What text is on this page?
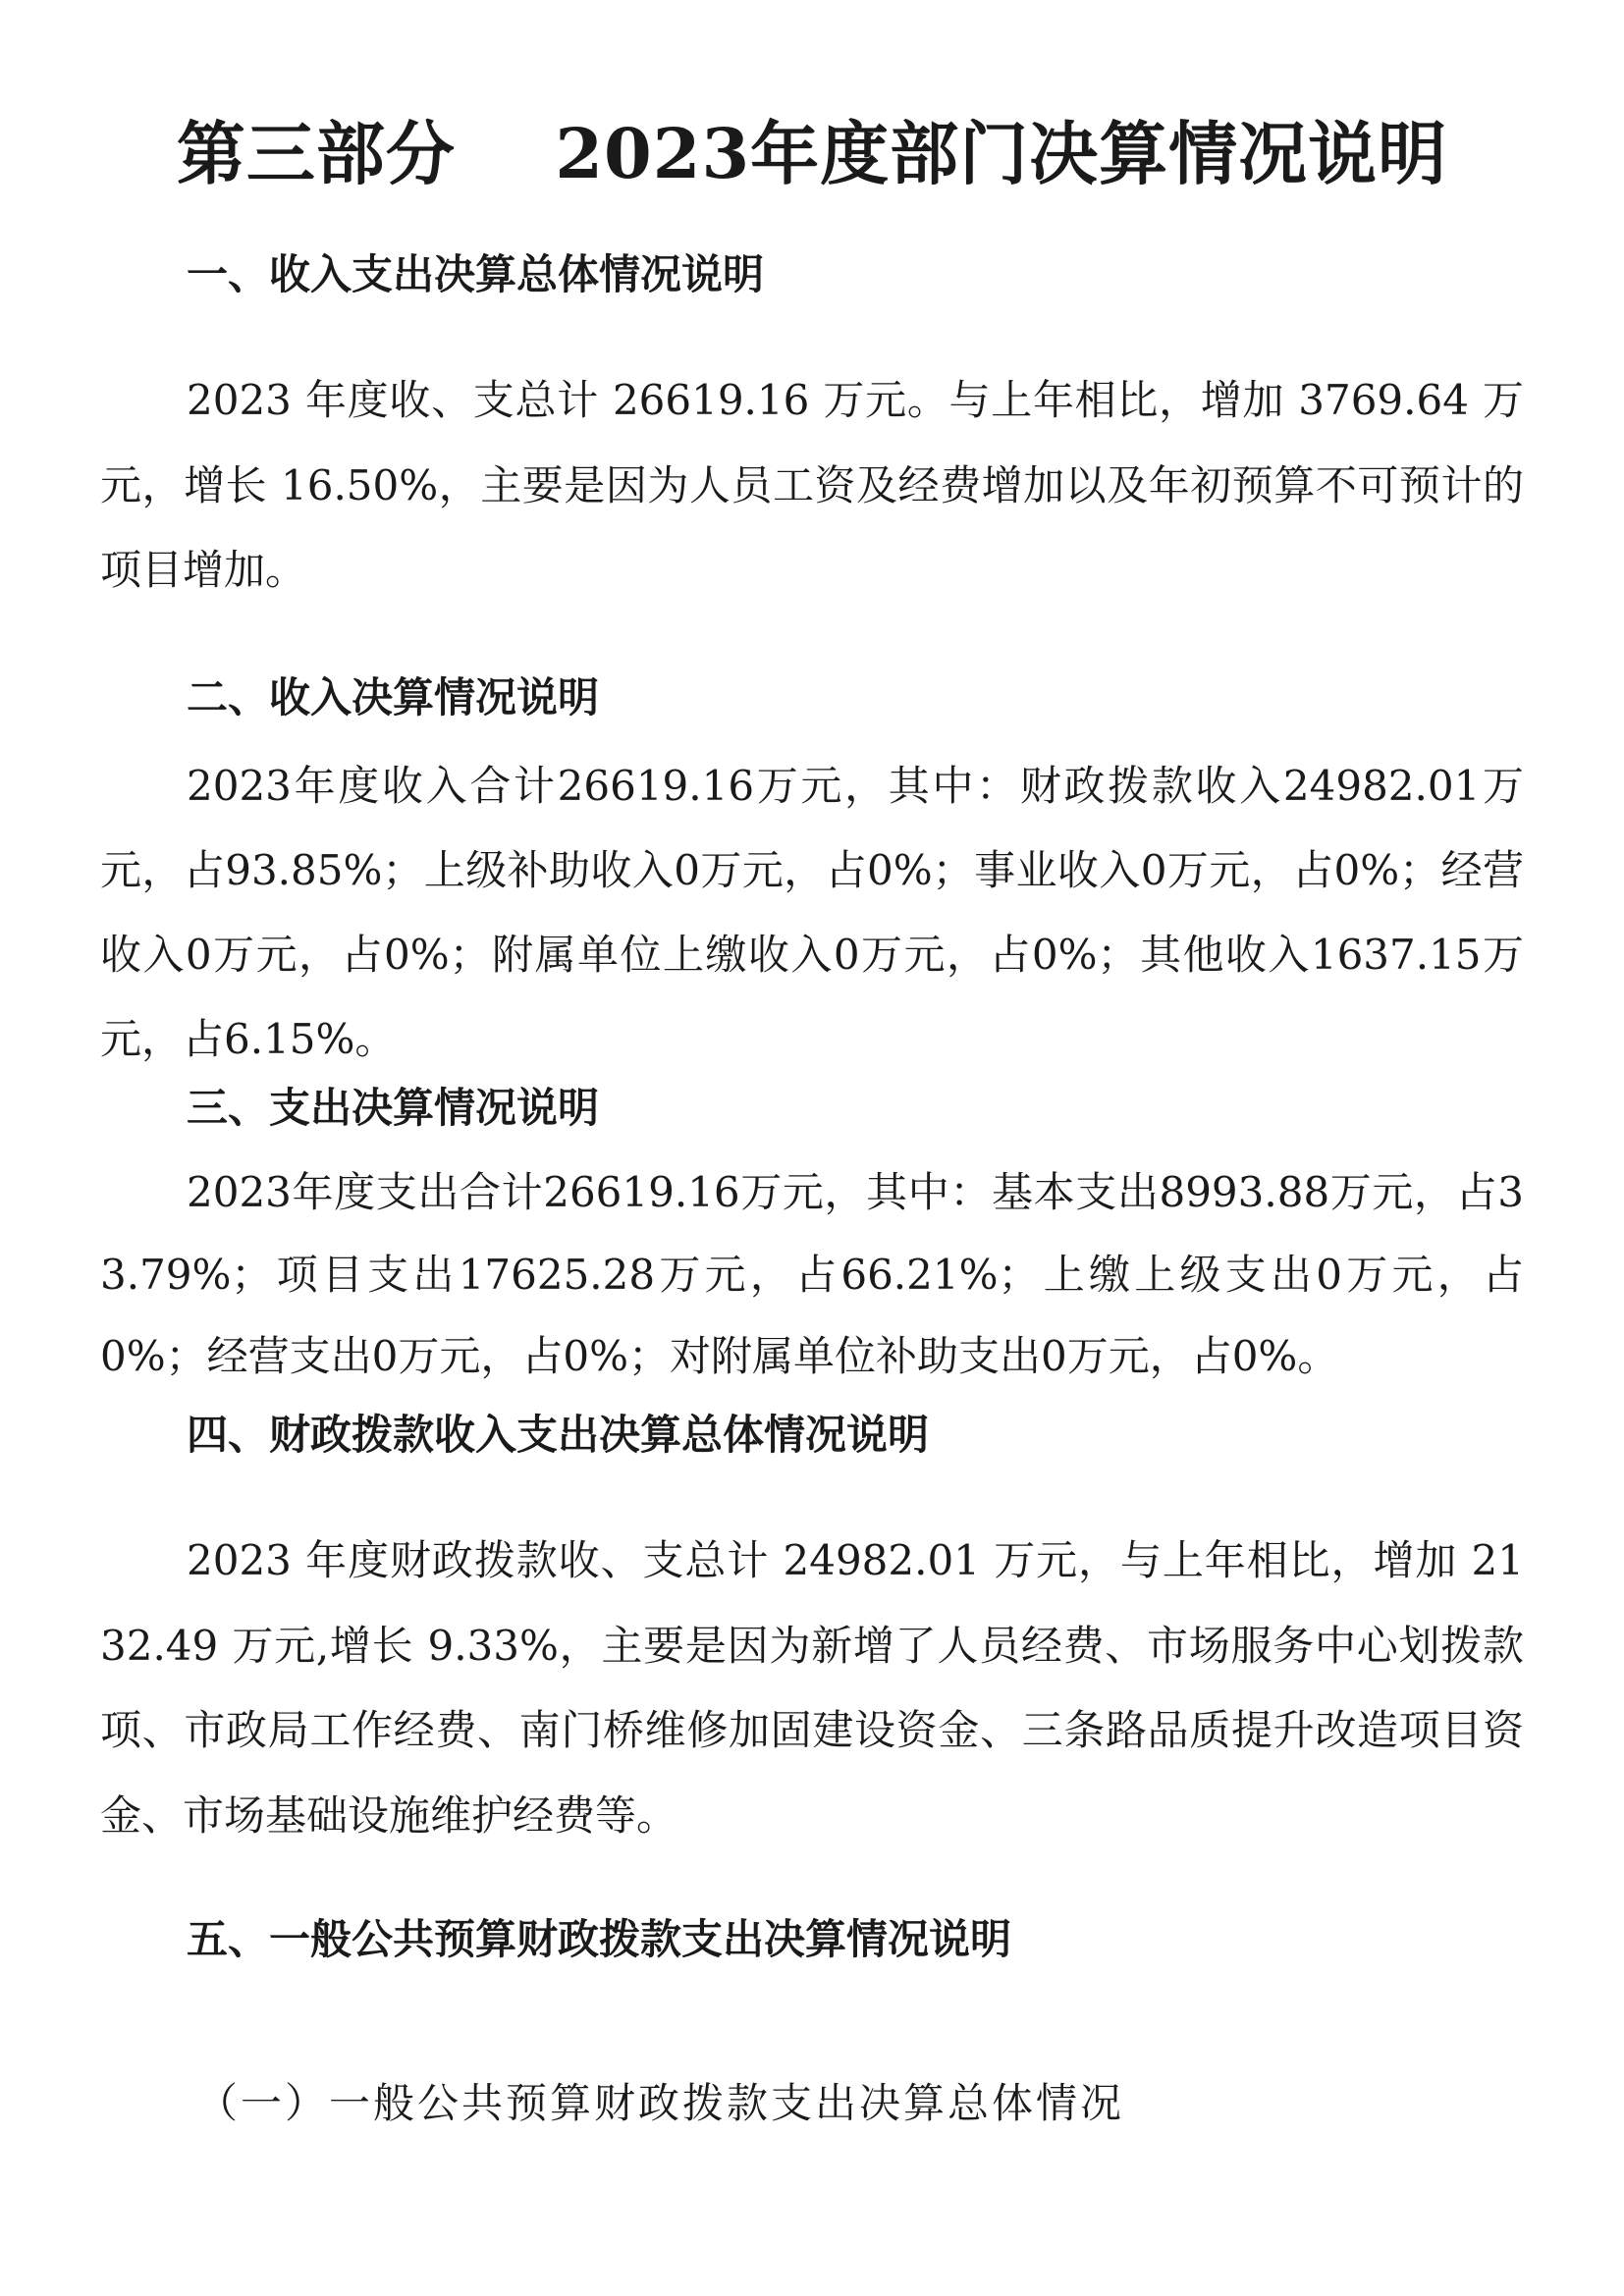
第三部分    2023年度部门决算情况说明
一、收入支出决算总体情况说明

2023 年度收、支总计 26619.16 万元。与上年相比，增加 3769.64 万元，增长 16.50%，主要是因为人员工资及经费增加以及年初预算不可预计的项目增加。

二、收入决算情况说明

2023年度收入合计26619.16万元，其中：财政拨款收入24982.01万元，占93.85%；上级补助收入0万元，占0%；事业收入0万元，占0%；经营收入0万元，占0%；附属单位上缴收入0万元，占0%；其他收入1637.15万元，占6.15%。

三、支出决算情况说明

2023年度支出合计26619.16万元，其中：基本支出8993.88万元，占33.79%；项目支出17625.28万元，占66.21%；上缴上级支出0万元，占0%；经营支出0万元，占0%；对附属单位补助支出0万元，占0%。

四、财政拨款收入支出决算总体情况说明

2023 年度财政拨款收、支总计 24982.01 万元，与上年相比，增加 2132.49 万元,增长 9.33%，主要是因为新增了人员经费、市场服务中心划拨款项、市政局工作经费、南门桥维修加固建设资金、三条路品质提升改造项目资金、市场基础设施维护经费等。

五、一般公共预算财政拨款支出决算情况说明
（一）一般公共预算财政拨款支出决算总体情况
